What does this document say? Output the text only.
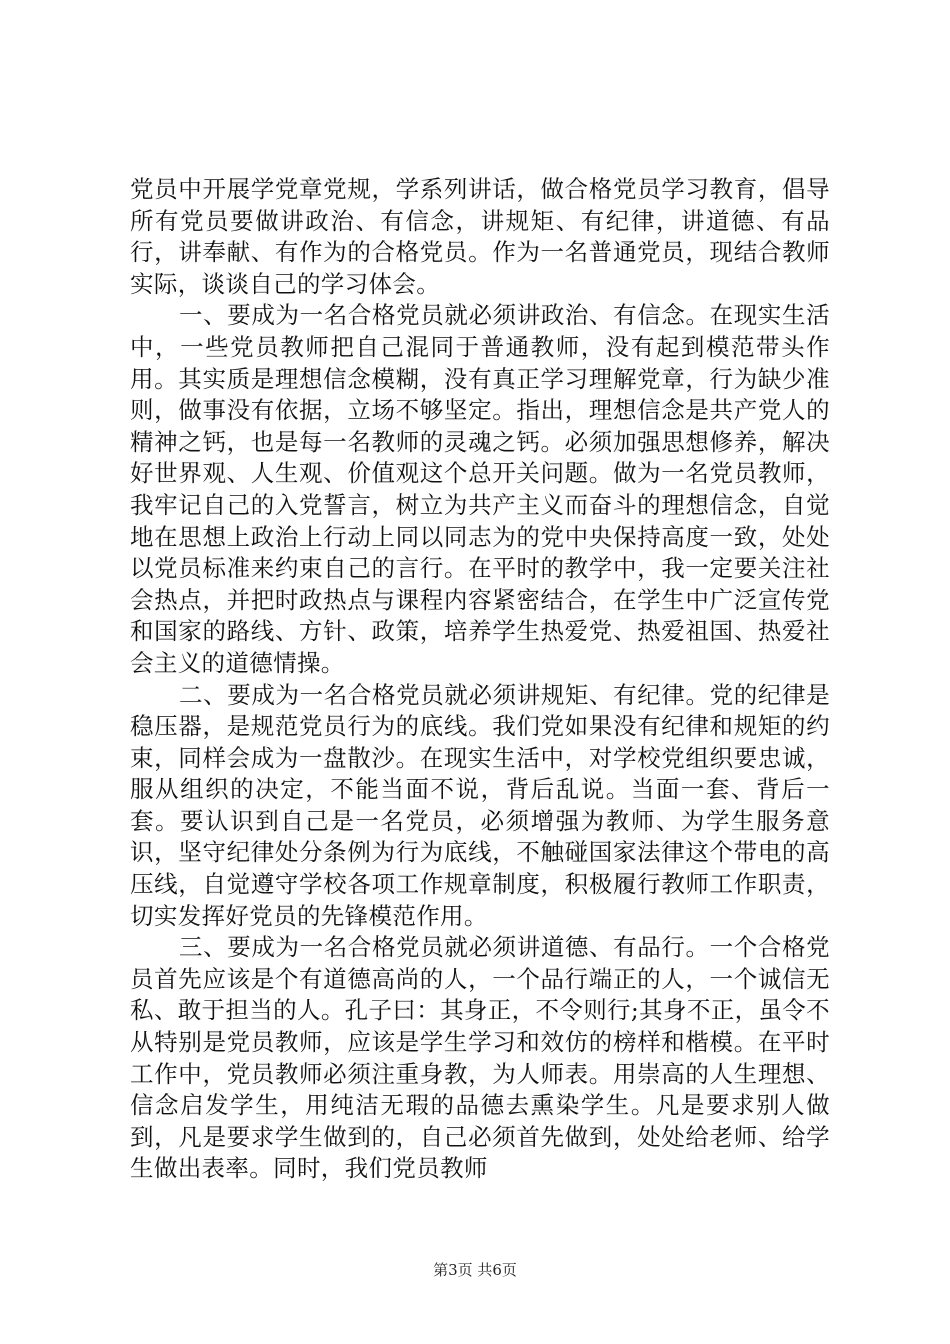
党员中开展学党章党规，学系列讲话，做合格党员学习教育，倡导所有党员要做讲政治、有信念，讲规矩、有纪律，讲道德、有品行，讲奉献、有作为的合格党员。作为一名普通党员，现结合教师实际，谈谈自己的学习体会。

一、要成为一名合格党员就必须讲政治、有信念。在现实生活中，一些党员教师把自己混同于普通教师，没有起到模范带头作用。其实质是理想信念模糊，没有真正学习理解党章，行为缺少准则，做事没有依据，立场不够坚定。指出，理想信念是共产党人的精神之钙，也是每一名教师的灵魂之钙。必须加强思想修养，解决好世界观、人生观、价值观这个总开关问题。做为一名党员教师，我牢记自己的入党誓言，树立为共产主义而奋斗的理想信念，自觉地在思想上政治上行动上同以同志为的党中央保持高度一致，处处以党员标准来约束自己的言行。在平时的教学中，我一定要关注社会热点，并把时政热点与课程内容紧密结合，在学生中广泛宣传党和国家的路线、方针、政策，培养学生热爱党、热爱祖国、热爱社会主义的道德情操。

二、要成为一名合格党员就必须讲规矩、有纪律。党的纪律是稳压器，是规范党员行为的底线。我们党如果没有纪律和规矩的约束，同样会成为一盘散沙。在现实生活中，对学校党组织要忠诚，服从组织的决定，不能当面不说，背后乱说。当面一套、背后一套。要认识到自己是一名党员，必须增强为教师、为学生服务意识，坚守纪律处分条例为行为底线，不触碰国家法律这个带电的高压线，自觉遵守学校各项工作规章制度，积极履行教师工作职责，切实发挥好党员的先锋模范作用。

三、要成为一名合格党员就必须讲道德、有品行。一个合格党员首先应该是个有道德高尚的人，一个品行端正的人，一个诚信无私、敢于担当的人。孔子曰：其身正，不令则行;其身不正，虽令不从特别是党员教师，应该是学生学习和效仿的榜样和楷模。在平时工作中，党员教师必须注重身教，为人师表。用崇高的人生理想、信念启发学生，用纯洁无瑕的品德去熏染学生。凡是要求别人做到，凡是要求学生做到的，自己必须首先做到，处处给老师、给学生做出表率。同时，我们党员教师

第3页 共6页
